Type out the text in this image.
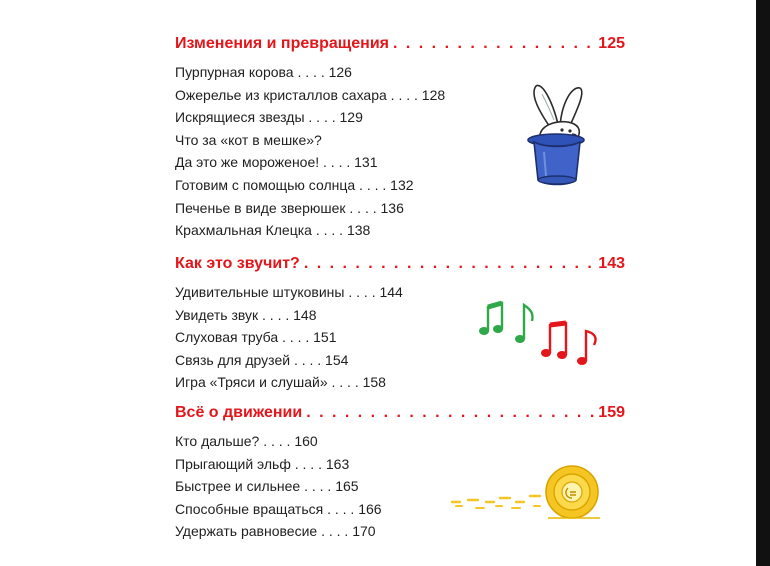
Изменения и превращения . . .	125
Пурпурная корова . . . . 126
Ожерелье из кристаллов сахара . . . . 128
Искрящиеся звезды . . . . 129
Что за «кот в мешке»?
Да это же мороженое! . . . . 131
Готовим с помощью солнца . . . . 132
Печенье в виде зверюшек . . . . 136
Крахмальная Клецка . . . . 138
Как это звучит? . . .	143
Удивительные штуковины . . . . 144
Увидеть звук . . . . 148
Слуховая труба . . . . 151
Связь для друзей . . . . 154
Игра «Тряси и слушай» . . . . 158
Всё о движении . . .	159
Кто дальше? . . . . 160
Прыгающий эльф . . . . 163
Быстрее и сильнее . . . . 165
Способные вращаться . . . . 166
Удержать равновесие . . . . 170
